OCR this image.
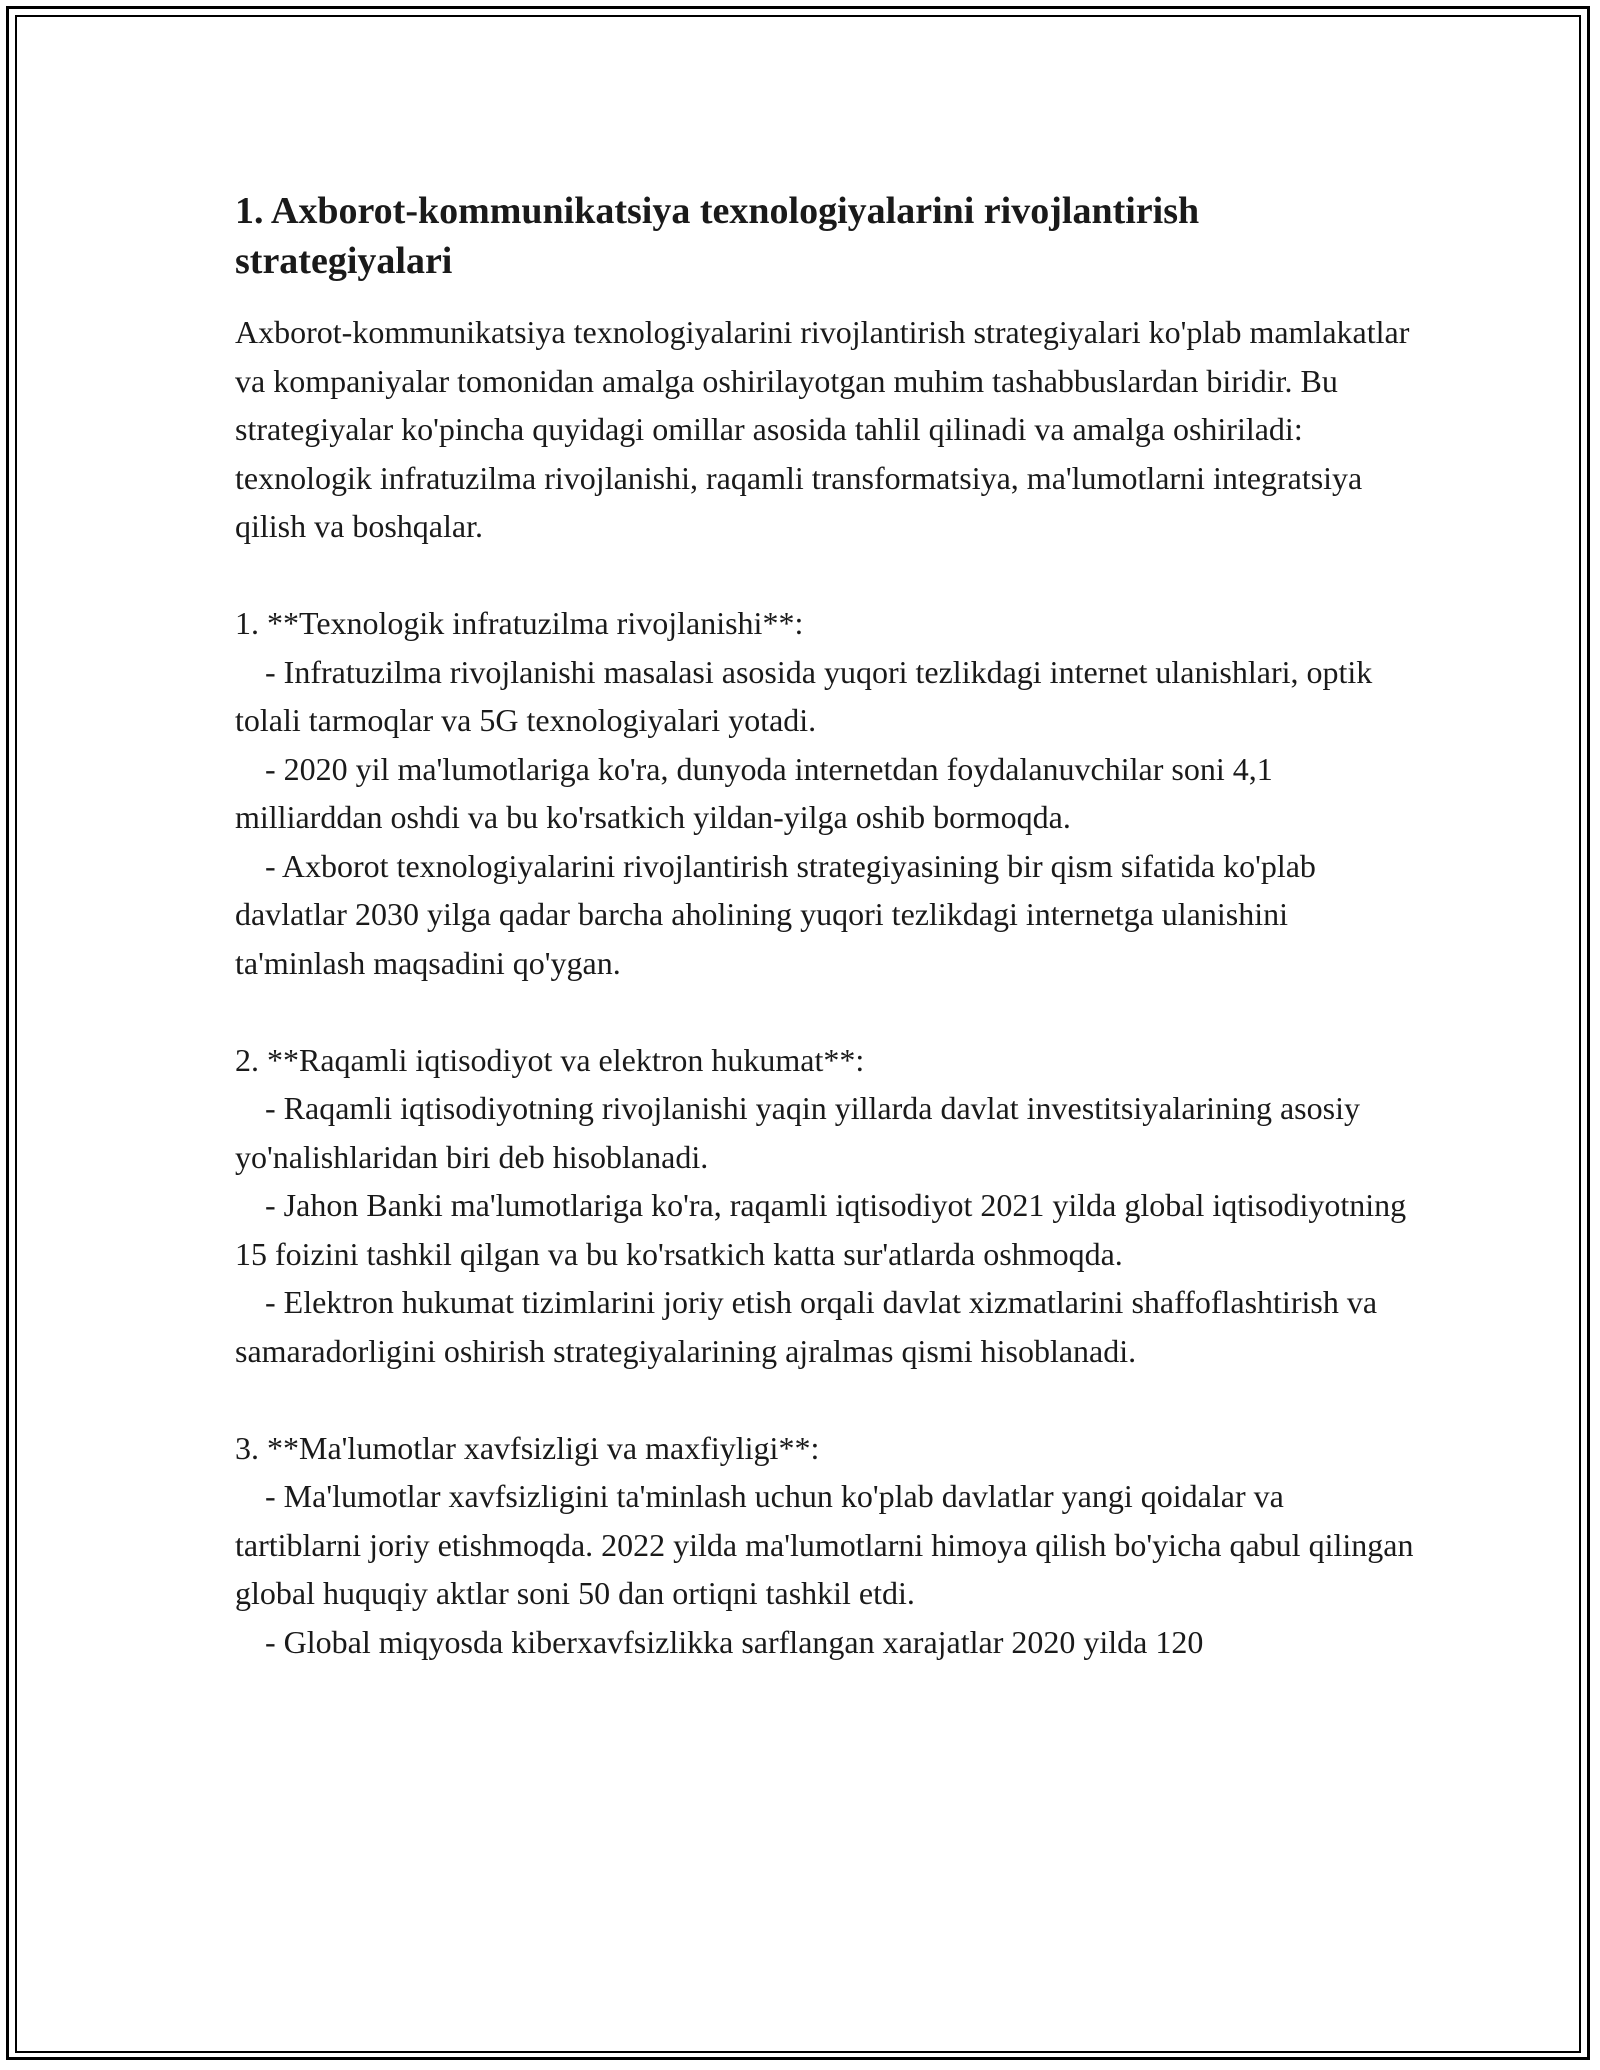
1. Axborot-kommunikatsiya texnologiyalarini rivojlantirish strategiyalari

Axborot-kommunikatsiya texnologiyalarini rivojlantirish strategiyalari ko'plab mamlakatlar va kompaniyalar tomonidan amalga oshirilayotgan muhim tashabbuslardan biridir. Bu strategiyalar ko'pincha quyidagi omillar asosida tahlil qilinadi va amalga oshiriladi: texnologik infratuzilma rivojlanishi, raqamli transformatsiya, ma'lumotlarni integratsiya qilish va boshqalar.

1. **Texnologik infratuzilma rivojlanishi**:

- Infratuzilma rivojlanishi masalasi asosida yuqori tezlikdagi internet ulanishlari, optik tolali tarmoqlar va 5G texnologiyalari yotadi.

- 2020 yil ma'lumotlariga ko'ra, dunyoda internetdan foydalanuvchilar soni 4,1 milliarddan oshdi va bu ko'rsatkich yildan-yilga oshib bormoqda.

- Axborot texnologiyalarini rivojlantirish strategiyasining bir qism sifatida ko'plab davlatlar 2030 yilga qadar barcha aholining yuqori tezlikdagi internetga ulanishini ta'minlash maqsadini qo'ygan.

2. **Raqamli iqtisodiyot va elektron hukumat**:

- Raqamli iqtisodiyotning rivojlanishi yaqin yillarda davlat investitsiyalarining asosiy yo'nalishlaridan biri deb hisoblanadi.

- Jahon Banki ma'lumotlariga ko'ra, raqamli iqtisodiyot 2021 yilda global iqtisodiyotning 15 foizini tashkil qilgan va bu ko'rsatkich katta sur'atlarda oshmoqda.

- Elektron hukumat tizimlarini joriy etish orqali davlat xizmatlarini shaffoflashtirish va samaradorligini oshirish strategiyalarining ajralmas qismi hisoblanadi.

3. **Ma'lumotlar xavfsizligi va maxfiyligi**:

- Ma'lumotlar xavfsizligini ta'minlash uchun ko'plab davlatlar yangi qoidalar va tartiblarni joriy etishmoqda. 2022 yilda ma'lumotlarni himoya qilish bo'yicha qabul qilingan global huquqiy aktlar soni 50 dan ortiqni tashkil etdi.

- Global miqyosda kiberxavfsizlikka sarflangan xarajatlar 2020 yilda 120
